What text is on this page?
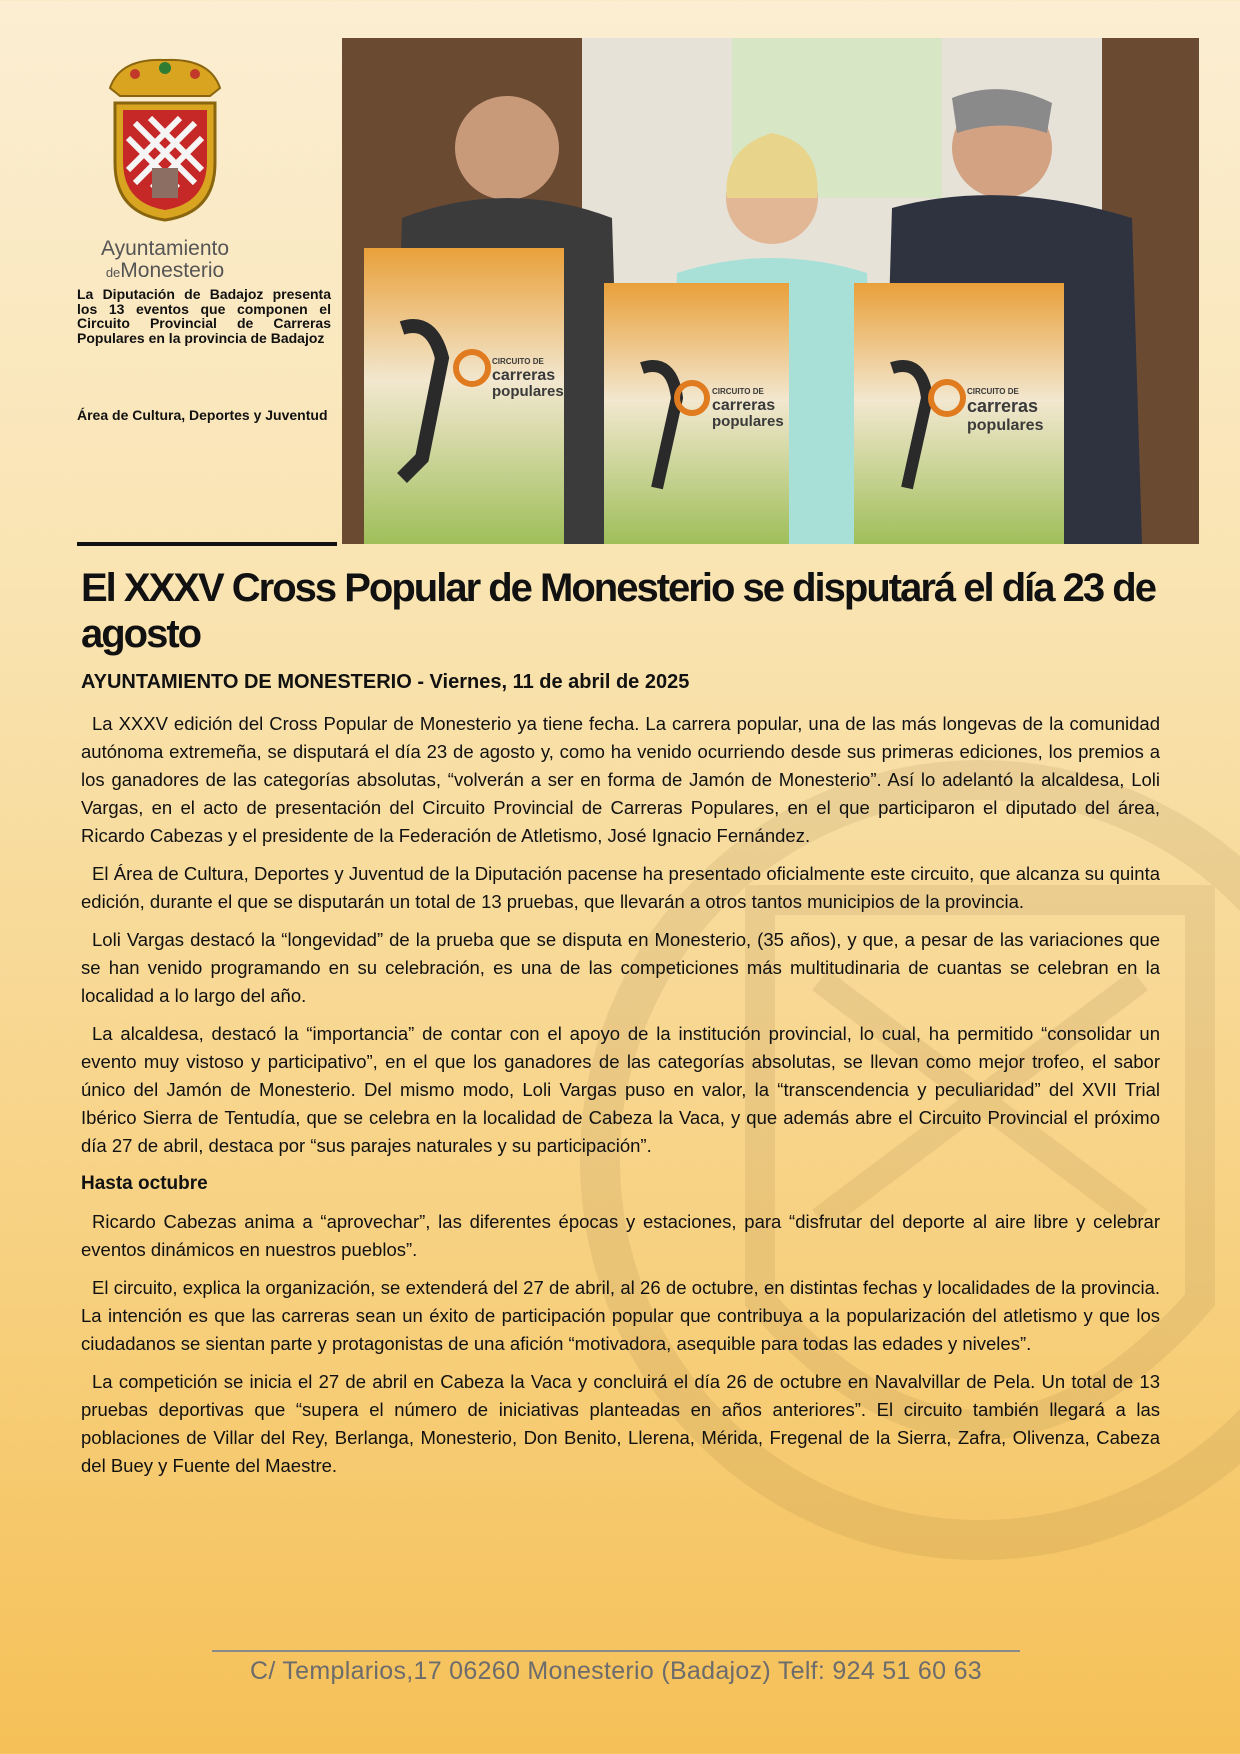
Ayuntamiento
deMonesterio

La Diputación de Badajoz presenta los 13 eventos que componen el Circuito Provincial de Carreras Populares en la provincia de Badajoz

Área de Cultura, Deportes y Juventud

CIRCUITO DE
carreras
populares	CIRCUITO DE
carreras
populares
CIRCUITO DE
carreras
populares
El XXXV Cross Popular de Monesterio se disputará el día 23 de agosto

AYUNTAMIENTO DE MONESTERIO - Viernes, 11 de abril de 2025

La XXXV edición del Cross Popular de Monesterio ya tiene fecha. La carrera popular, una de las más longevas de la comunidad autónoma extremeña, se disputará el día 23 de agosto y, como ha venido ocurriendo desde sus primeras ediciones, los premios a los ganadores de las categorías absolutas, “volverán a ser en forma de Jamón de Monesterio”. Así lo adelantó la alcaldesa, Loli Vargas, en el acto de presentación del Circuito Provincial de Carreras Populares, en el que participaron el diputado del área, Ricardo Cabezas y el presidente de la Federación de Atletismo, José Ignacio Fernández.

El Área de Cultura, Deportes y Juventud de la Diputación pacense ha presentado oficialmente este circuito, que alcanza su quinta edición, durante el que se disputarán un total de 13 pruebas, que llevarán a otros tantos municipios de la provincia.

Loli Vargas destacó la “longevidad” de la prueba que se disputa en Monesterio, (35 años), y que, a pesar de las variaciones que se han venido programando en su celebración, es una de las competiciones más multitudinaria de cuantas se celebran en la localidad a lo largo del año.

La alcaldesa, destacó la “importancia” de contar con el apoyo de la institución provincial, lo cual, ha permitido “consolidar un evento muy vistoso y participativo”, en el que los ganadores de las categorías absolutas, se llevan como mejor trofeo, el sabor único del Jamón de Monesterio. Del mismo modo, Loli Vargas puso en valor, la “transcendencia y peculiaridad” del XVII Trial Ibérico Sierra de Tentudía, que se celebra en la localidad de Cabeza la Vaca, y que además abre el Circuito Provincial el próximo día 27 de abril, destaca por “sus parajes naturales y su participación”.

Hasta octubre

Ricardo Cabezas anima a “aprovechar”, las diferentes épocas y estaciones, para “disfrutar del deporte al aire libre y celebrar eventos dinámicos en nuestros pueblos”.

El circuito, explica la organización, se extenderá del 27 de abril, al 26 de octubre, en distintas fechas y localidades de la provincia. La intención es que las carreras sean un éxito de participación popular que contribuya a la popularización del atletismo y que los ciudadanos se sientan parte y protagonistas de una afición “motivadora, asequible para todas las edades y niveles”.

La competición se inicia el 27 de abril en Cabeza la Vaca y concluirá el día 26 de octubre en Navalvillar de Pela. Un total de 13 pruebas deportivas que “supera el número de iniciativas planteadas en años anteriores”. El circuito también llegará a las poblaciones de Villar del Rey, Berlanga, Monesterio, Don Benito, Llerena, Mérida, Fregenal de la Sierra, Zafra, Olivenza, Cabeza del Buey y Fuente del Maestre.

C/ Templarios,17 06260 Monesterio (Badajoz) Telf: 924 51 60 63
